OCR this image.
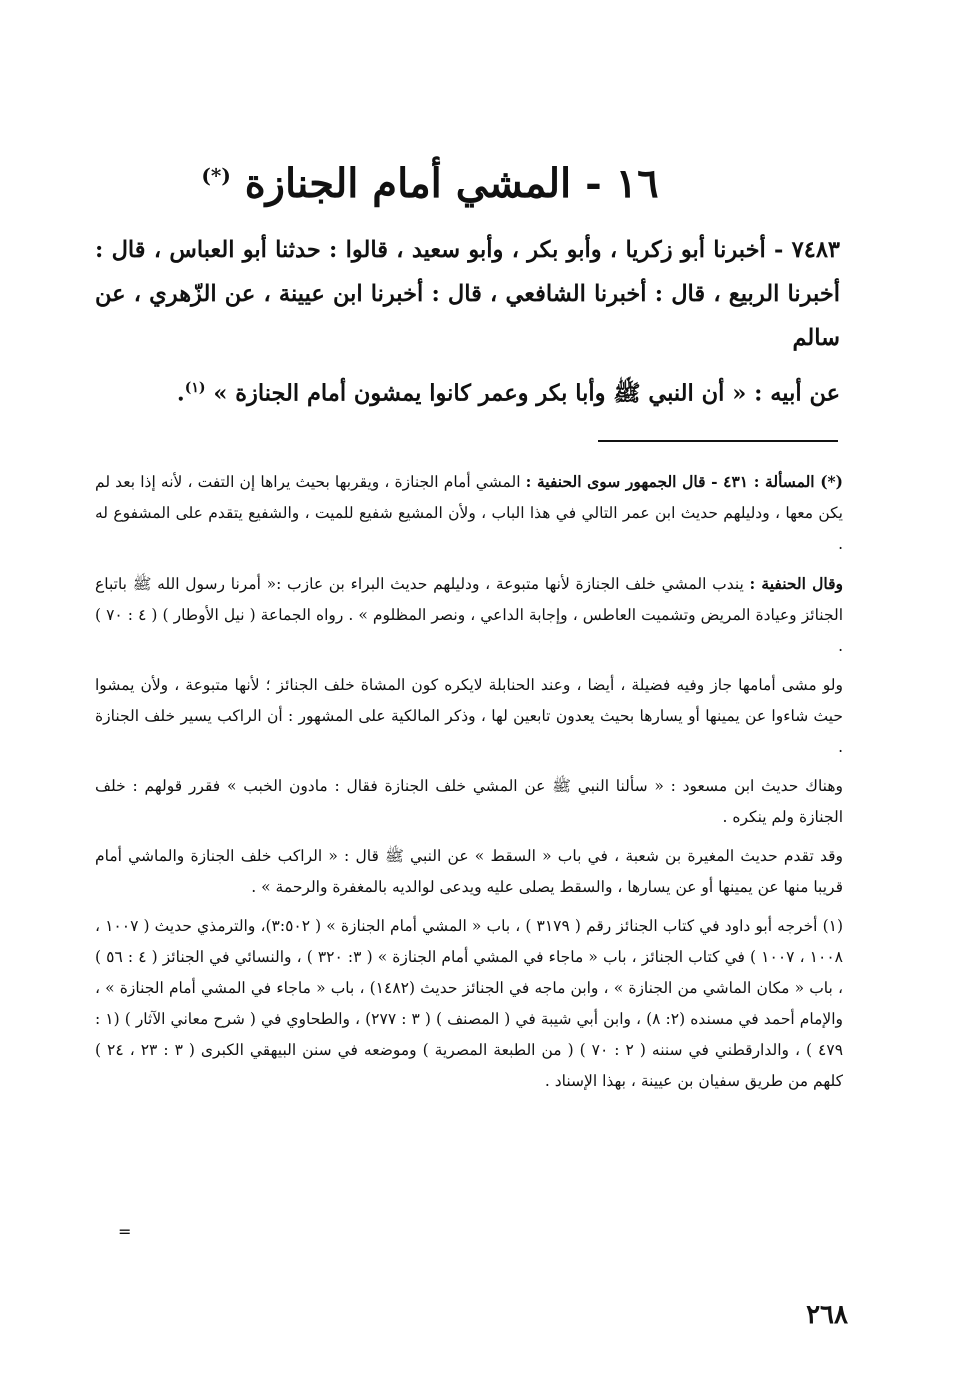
١٦ - المشي أمام الجنازة (*)

٧٤٨٣ - أخبرنا أبو زكريا ، وأبو بكر ، وأبو سعيد ، قالوا : حدثنا أبو العباس ، قال : أخبرنا الربيع ، قال : أخبرنا الشافعي ، قال : أخبرنا ابن عيينة ، عن الزّهري ، عن سالم

عن أبيه : « أن النبي ﷺ وأبا بكر وعمر كانوا يمشون أمام الجنازة » $^{(١)}$.

(*) المسألة : ٤٣١ - قال الجمهور سوى الحنفية : المشي أمام الجنازة ، ويقربها بحيث يراها إن التفت ، لأنه إذا بعد لم يكن معها ، ودليلهم حديث ابن عمر التالي في هذا الباب ، ولأن المشيع شفيع للميت ، والشفيع يتقدم على المشفوع له .

وقال الحنفية : يندب المشي خلف الجنازة لأنها متبوعة ، ودليلهم حديث البراء بن عازب :« أمرنا رسول الله ﷺ باتباع الجنائز وعيادة المريض وتشميت العاطس ، وإجابة الداعي ، ونصر المظلوم » . رواه الجماعة ( نيل الأوطار ) ( ٤ : ٧٠ ) .

ولو مشى أمامها جاز وفيه فضيلة ، أيضا ، وعند الحنابلة لايكره كون المشاة خلف الجنائز ؛ لأنها متبوعة ، ولأن يمشوا حيث شاءوا عن يمينها أو يسارها بحيث يعدون تابعين لها ، وذكر المالكية على المشهور : أن الراكب يسير خلف الجنازة .

وهناك حديث ابن مسعود : « سألنا النبي ﷺ عن المشي خلف الجنازة فقال : مادون الخبب » فقرر قولهم : خلف الجنازة ولم ينكره .

وقد تقدم حديث المغيرة بن شعبة ، في باب « السقط » عن النبي ﷺ قال : « الراكب خلف الجنازة والماشي أمام قريبا منها عن يمينها أو عن يسارها ، والسقط يصلى عليه ويدعى لوالديه بالمغفرة والرحمة » .

(١) أخرجه أبو داود في كتاب الجنائز رقم ( ٣١٧٩ ) ، باب « المشي أمام الجنازة » ( ٣:٥٠٢)، والترمذي حديث ( ١٠٠٧ ، ١٠٠٨ ، ١٠٠٧ ) في كتاب الجنائز ، باب « ماجاء في المشي أمام الجنازة » ( ٣: ٣٢٠ ) ، والنسائي في الجنائز ( ٤ : ٥٦ ) ، باب « مكان الماشي من الجنازة » ، وابن ماجه في الجنائز حديث (١٤٨٢) ، باب « ماجاء في المشي أمام الجنازة » ، والإمام أحمد في مسنده (٢: ٨) ، وابن أبي شيبة في ( المصنف ) ( ٣ : ٢٧٧) ، والطحاوي في ( شرح معاني الآثار ) (١ : ٤٧٩ ) ، والدارقطني في سننه ( ٢ : ٧٠ ) ( من الطبعة المصرية ) وموضعه في سنن البيهقي الكبرى ( ٣ : ٢٣ ، ٢٤ ) كلهم من طريق سفيان بن عيينة ، بهذا الإسناد .

=
٢٦٨
